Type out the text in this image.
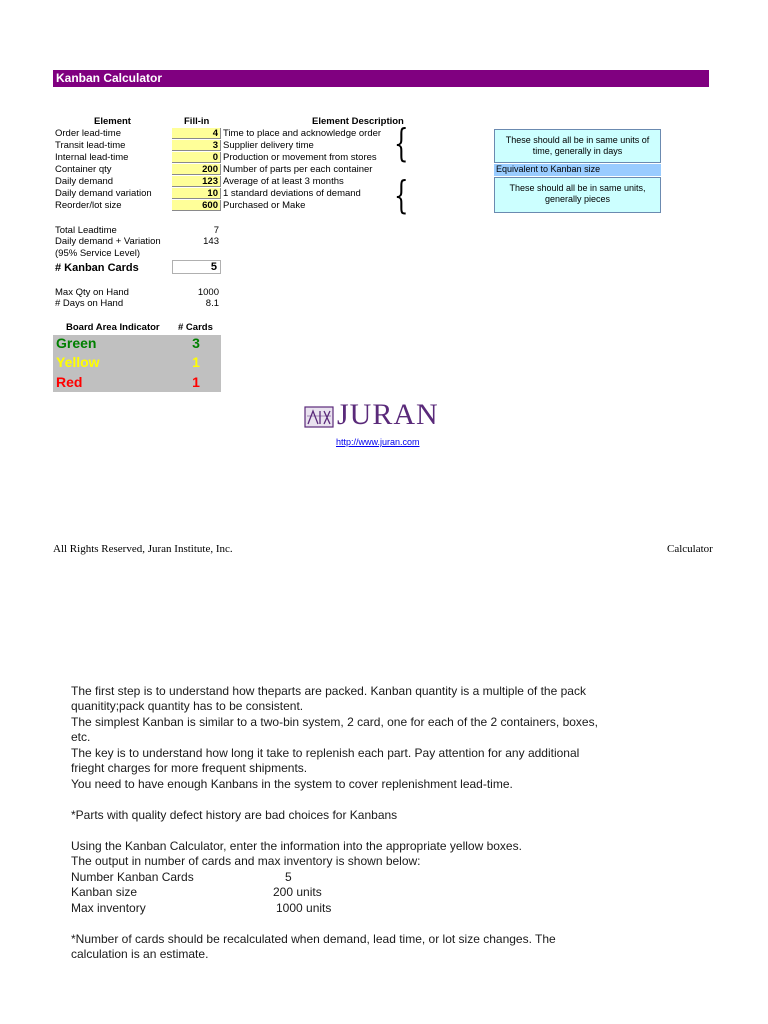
Kanban Calculator
Element	Fill-in	Element Description
Order lead-time	4 Time to place and acknowledge order
Transit lead-time	3 Supplier delivery time
Internal lead-time	0 Production or movement from stores
Container qty	200 Number of parts per each container
Daily demand	123 Average of at least 3 months
Daily demand variation	10 1 standard deviations of demand
Reorder/lot size	600 Purchased or Make
{
{
These should all be in same units of time, generally in days
Equivalent to Kanban size
These should all be in same units, generally pieces
Total Leadtime	7
Daily demand + Variation	143
(95% Service Level)
# Kanban Cards	5
Max Qty on Hand	1000
# Days on Hand	8.1
Board Area Indicator # Cards
Green	3
Yellow	1
Red	1
JURAN
http://www.juran.com
All Rights Reserved, Juran Institute, Inc.	Calculator
The first step is to understand how theparts are packed. Kanban quantity is a multiple of the pack
quanitity;pack quantity has to be consistent.
The simplest Kanban is similar to a two-bin system, 2 card, one for each of the 2 containers, boxes,
etc.
The key is to understand how long it take to replenish each part. Pay attention for any additional
frieght charges for more frequent shipments.
You need to have enough Kanbans in the system to cover replenishment lead-time.
*Parts with quality defect history are bad choices for Kanbans
Using the Kanban Calculator, enter the information into the appropriate yellow boxes.
The output in number of cards and max inventory is shown below:
Number Kanban Cards	5
Kanban size	200 units
Max inventory	1000 units
*Number of cards should be recalculated when demand, lead time, or lot size changes. The
calculation is an estimate.
